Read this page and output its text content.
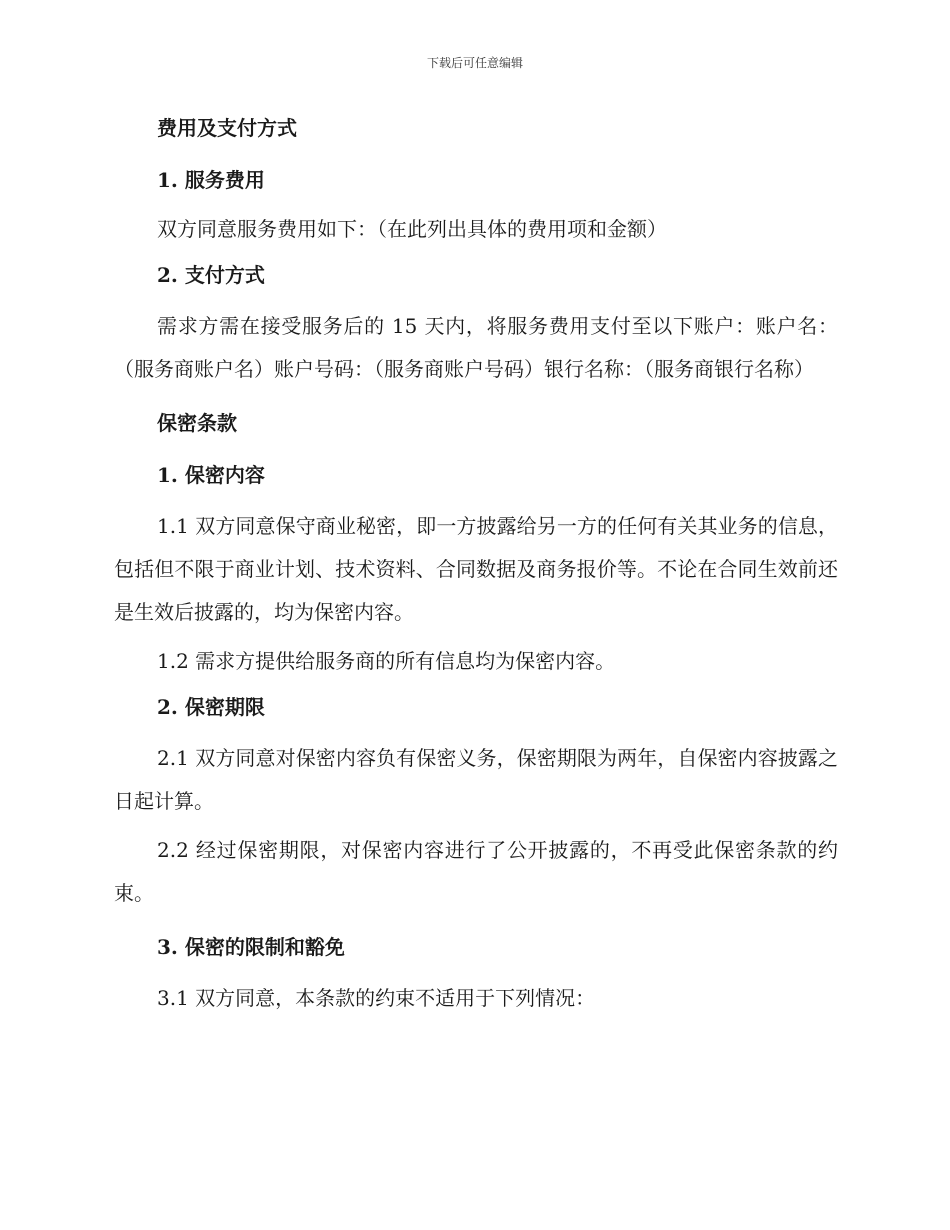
下载后可任意编辑
费用及支付方式
1. 服务费用
双方同意服务费用如下：（在此列出具体的费用项和金额）
2. 支付方式
需求方需在接受服务后的 15 天内，将服务费用支付至以下账户：账户名：（服务商账户名）账户号码：（服务商账户号码）银行名称：（服务商银行名称）
保密条款
1. 保密内容
1.1 双方同意保守商业秘密，即一方披露给另一方的任何有关其业务的信息，包括但不限于商业计划、技术资料、合同数据及商务报价等。不论在合同生效前还是生效后披露的，均为保密内容。
1.2 需求方提供给服务商的所有信息均为保密内容。
2. 保密期限
2.1 双方同意对保密内容负有保密义务，保密期限为两年，自保密内容披露之日起计算。
2.2 经过保密期限，对保密内容进行了公开披露的，不再受此保密条款的约束。
3. 保密的限制和豁免
3.1 双方同意，本条款的约束不适用于下列情况：
